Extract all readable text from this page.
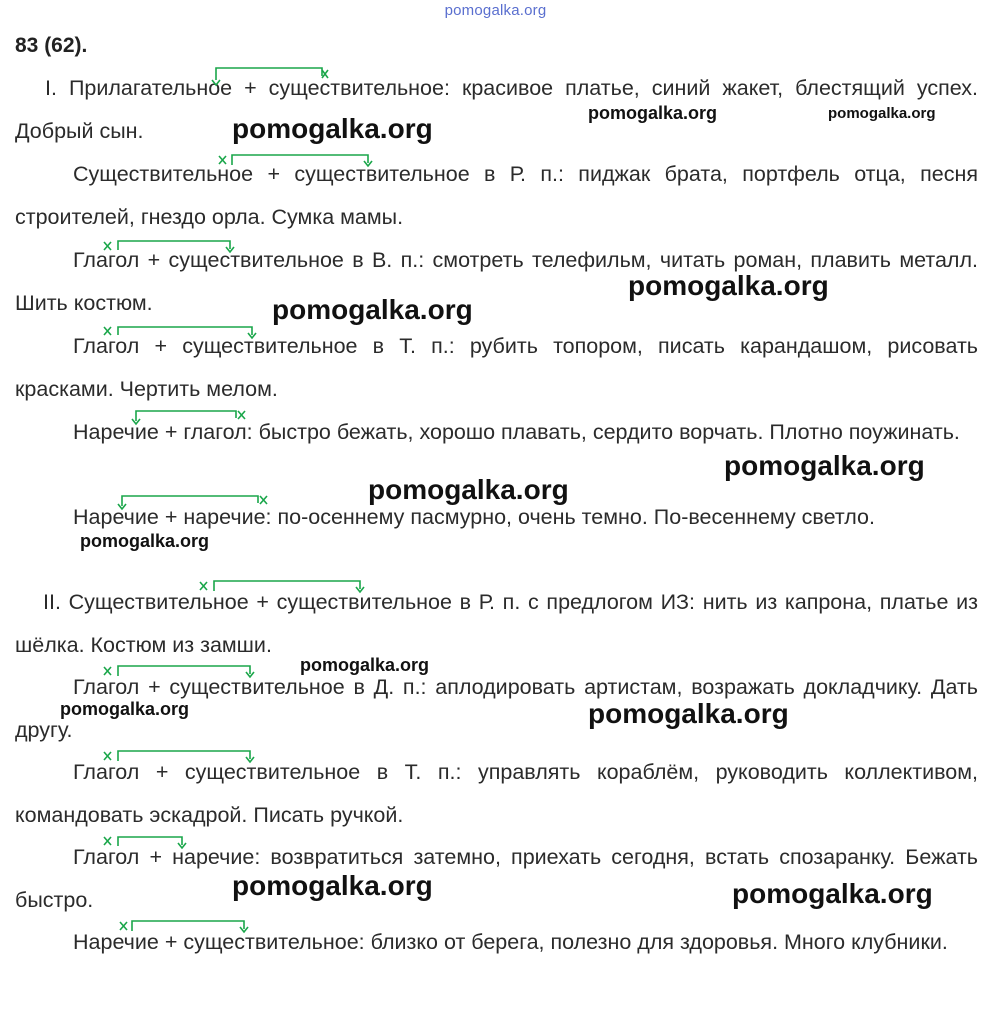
pomogalka.org
83 (62).
I. Прилагательное + существительное: красивое платье, синий жакет, блестящий успех. Добрый сын.
Существительное + существительное в Р. п.: пиджак брата, портфель отца, песня строителей, гнездо орла. Сумка мамы.
Глагол + существительное в В. п.: смотреть телефильм, читать роман, плавить металл. Шить костюм.
Глагол + существительное в Т. п.: рубить топором, писать карандашом, рисовать красками. Чертить мелом.
Наречие + глагол: быстро бежать, хорошо плавать, сердито ворчать. Плотно поужинать.
Наречие + наречие: по-осеннему пасмурно, очень темно. По-весеннему светло.
II. Существительное + существительное в Р. п. с предлогом ИЗ: нить из капрона, платье из шёлка. Костюм из замши.
Глагол + существительное в Д. п.: аплодировать артистам, возражать докладчику. Дать другу.
Глагол + существительное в Т. п.: управлять кораблём, руководить коллективом, командовать эскадрой. Писать ручкой.
Глагол + наречие: возвратиться затемно, приехать сегодня, встать спозаранку. Бежать быстро.
Наречие + существительное: близко от берега, полезно для здоровья. Много клубники.
pomogalka.org	pomogalka.org	pomogalka.org
pomogalka.org
pomogalka.org
pomogalka.org
pomogalka.org
pomogalka.org
pomogalka.org
pomogalka.org	pomogalka.org
pomogalka.org	pomogalka.org
